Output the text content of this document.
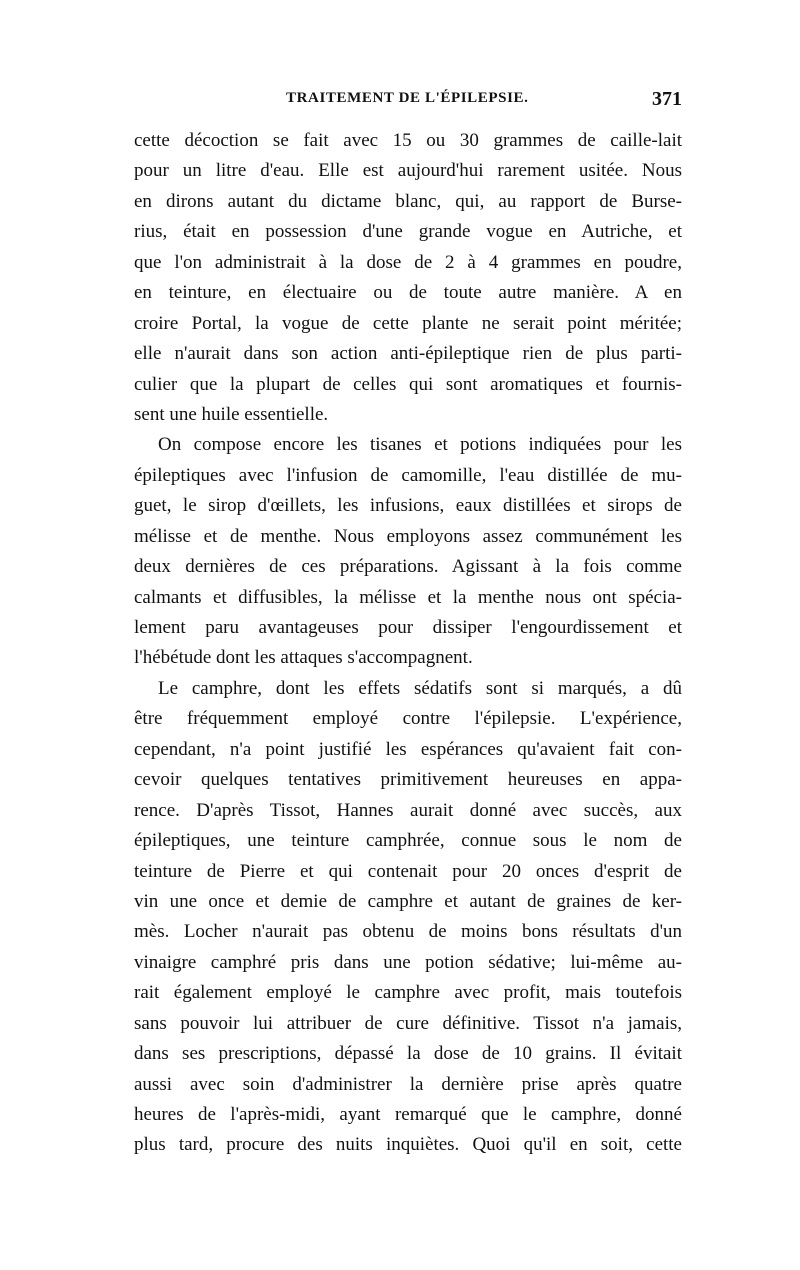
TRAITEMENT DE L'ÉPILEPSIE.	371
cette décoction se fait avec 15 ou 30 grammes de caille-lait
pour un litre d'eau. Elle est aujourd'hui rarement usitée. Nous
en dirons autant du dictame blanc, qui, au rapport de Burse-
rius, était en possession d'une grande vogue en Autriche, et
que l'on administrait à la dose de 2 à 4 grammes en poudre,
en teinture, en électuaire ou de toute autre manière. A en
croire Portal, la vogue de cette plante ne serait point méritée;
elle n'aurait dans son action anti-épileptique rien de plus parti-
culier que la plupart de celles qui sont aromatiques et fournis-
sent une huile essentielle.
On compose encore les tisanes et potions indiquées pour les
épileptiques avec l'infusion de camomille, l'eau distillée de mu-
guet, le sirop d'œillets, les infusions, eaux distillées et sirops de
mélisse et de menthe. Nous employons assez communément les
deux dernières de ces préparations. Agissant à la fois comme
calmants et diffusibles, la mélisse et la menthe nous ont spécia-
lement paru avantageuses pour dissiper l'engourdissement et
l'hébétude dont les attaques s'accompagnent.
Le camphre, dont les effets sédatifs sont si marqués, a dû
être fréquemment employé contre l'épilepsie. L'expérience,
cependant, n'a point justifié les espérances qu'avaient fait con-
cevoir quelques tentatives primitivement heureuses en appa-
rence. D'après Tissot, Hannes aurait donné avec succès, aux
épileptiques, une teinture camphrée, connue sous le nom de
teinture de Pierre et qui contenait pour 20 onces d'esprit de
vin une once et demie de camphre et autant de graines de ker-
mès. Locher n'aurait pas obtenu de moins bons résultats d'un
vinaigre camphré pris dans une potion sédative; lui-même au-
rait également employé le camphre avec profit, mais toutefois
sans pouvoir lui attribuer de cure définitive. Tissot n'a jamais,
dans ses prescriptions, dépassé la dose de 10 grains. Il évitait
aussi avec soin d'administrer la dernière prise après quatre
heures de l'après-midi, ayant remarqué que le camphre, donné
plus tard, procure des nuits inquiètes. Quoi qu'il en soit, cette
